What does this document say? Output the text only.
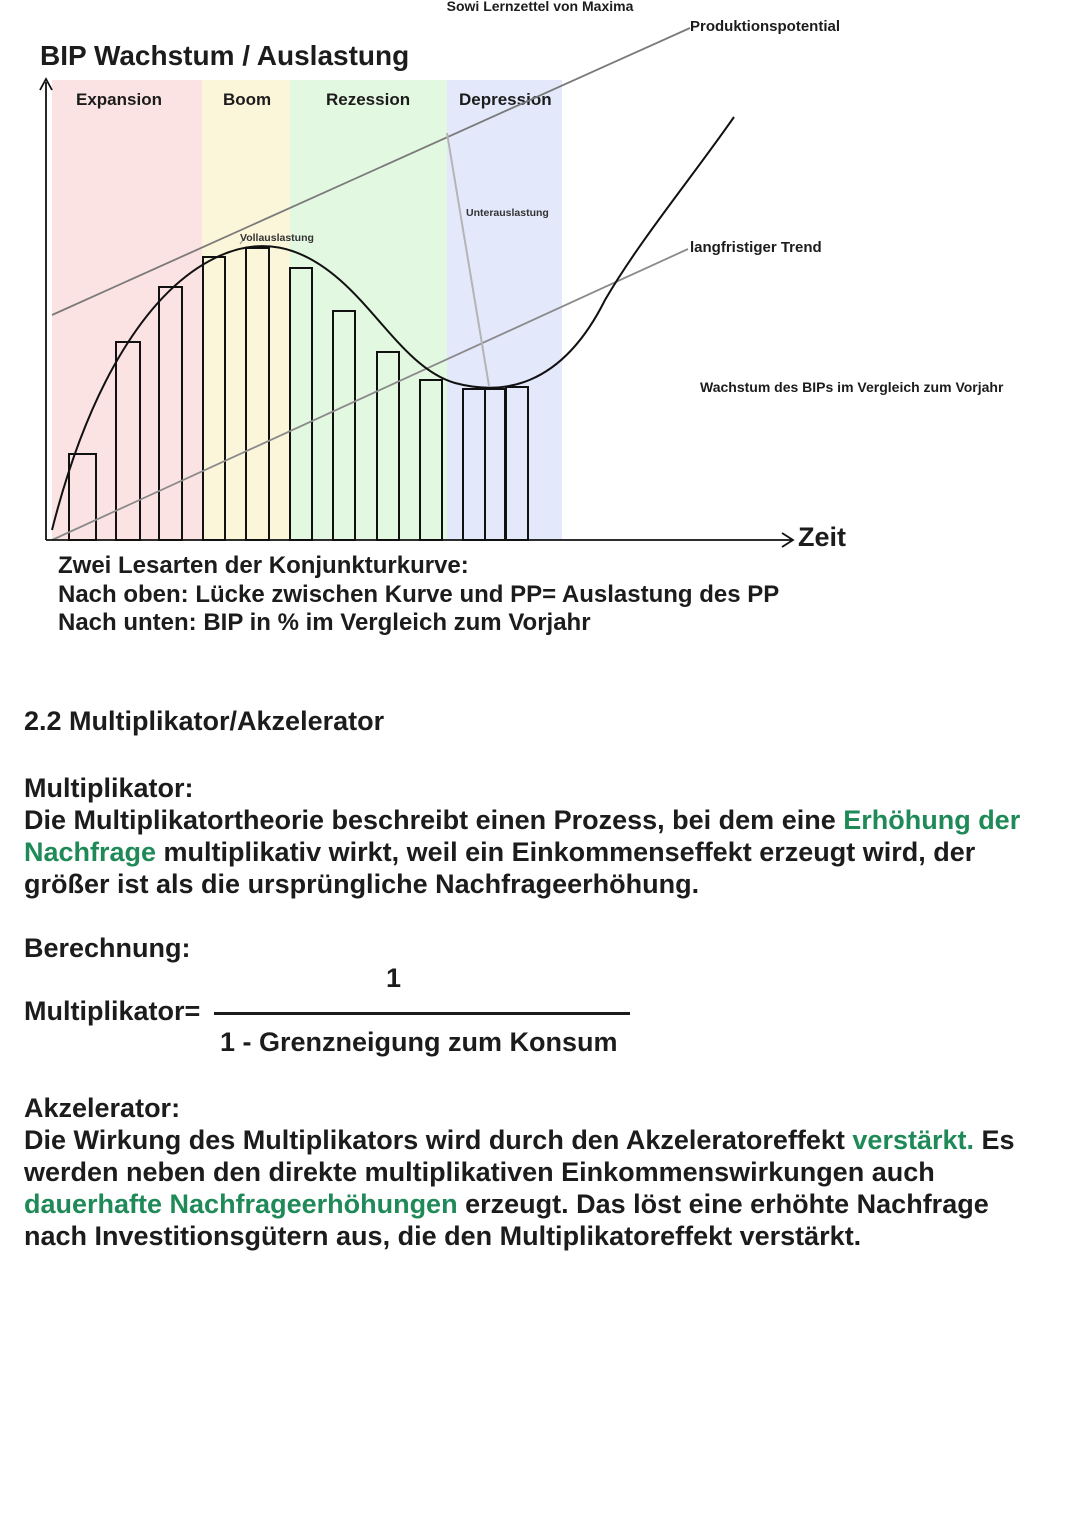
Sowi Lernzettel von Maxima
BIP Wachstum / Auslastung
Expansion	Boom	Rezession	Depression
Produktionspotential
langfristiger Trend
Vollauslastung
Unterauslastung
Wachstum des BIPs im Vergleich zum Vorjahr
Zeit
Zwei Lesarten der Konjunkturkurve:
Nach oben: Lücke zwischen Kurve und PP= Auslastung des PP
Nach unten: BIP in % im Vergleich zum Vorjahr
2.2 Multiplikator/Akzelerator
Multiplikator:
Die Multiplikatortheorie beschreibt einen Prozess, bei dem eine Erhöhung der Nachfrage multiplikativ wirkt, weil ein Einkommenseffekt erzeugt wird, der größer ist als die ursprüngliche Nachfrageerhöhung.
Berechnung:
Multiplikator=
1
1 - Grenzneigung zum Konsum
Akzelerator:
Die Wirkung des Multiplikators wird durch den Akzeleratoreffekt verstärkt. Es werden neben den direkte multiplikativen Einkommenswirkungen auch dauerhafte Nachfrageerhöhungen erzeugt. Das löst eine erhöhte Nachfrage nach Investitionsgütern aus, die den Multiplikatoreffekt verstärkt.
